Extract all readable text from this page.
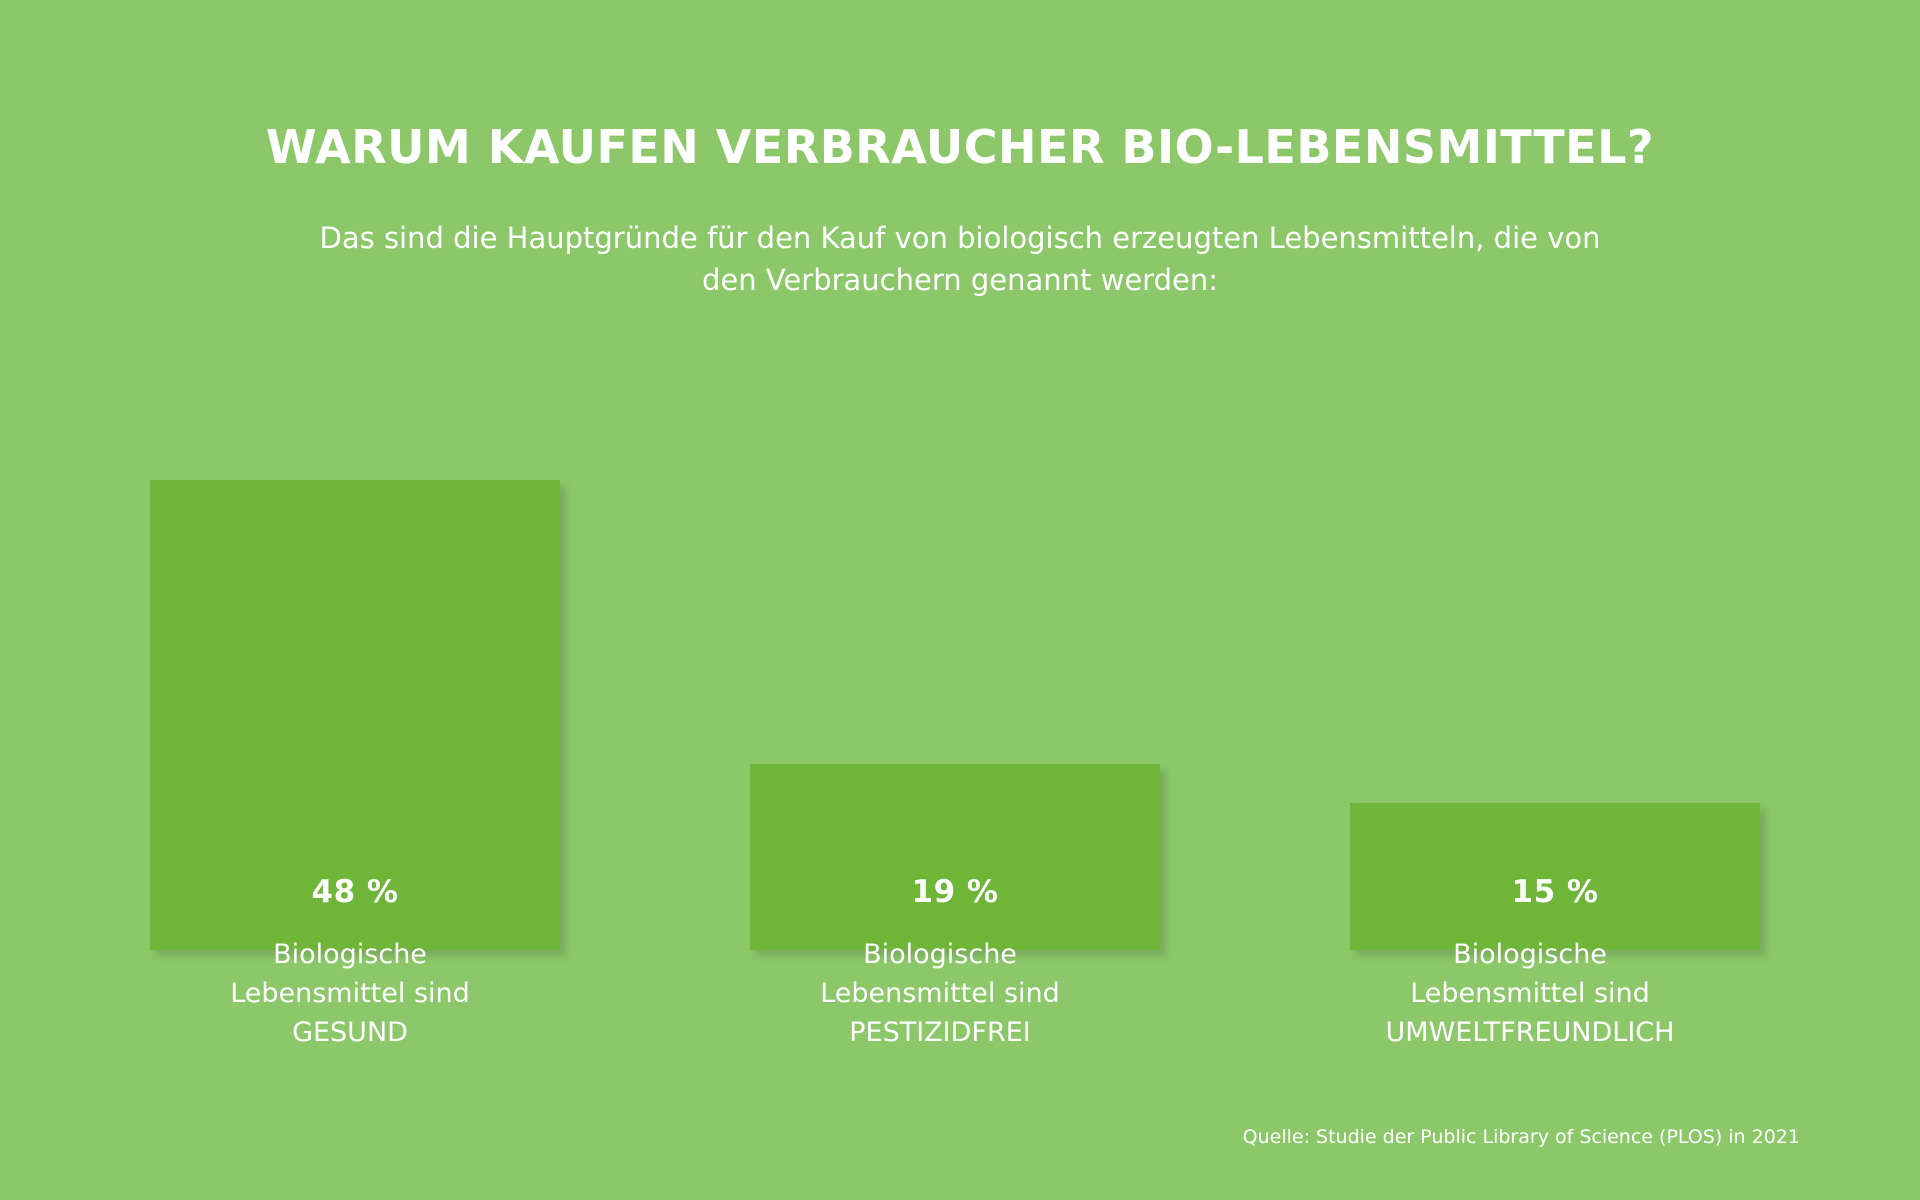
WARUM KAUFEN VERBRAUCHER BIO-LEBENSMITTEL?

Das sind die Hauptgründe für den Kauf von biologisch erzeugten Lebensmitteln, die von den Verbrauchern genannt werden:

48 %	19 %	15 %
Biologische
Lebensmittel sind
GESUND
Biologische
Lebensmittel sind
PESTIZIDFREI
Biologische
Lebensmittel sind
UMWELTFREUNDLICH
Quelle: Studie der Public Library of Science (PLOS) in 2021
